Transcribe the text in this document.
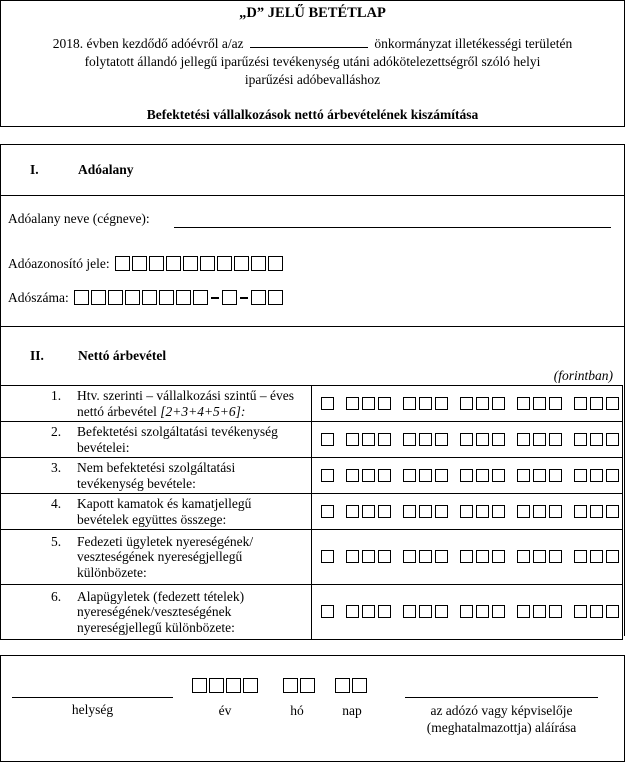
„D” JELŰ BETÉTLAP
2018. évben kezdődő adóévről a/az	önkormányzat illetékességi területén
folytatott állandó jellegű iparűzési tevékenység utáni adókötelezettségről szóló helyi
iparűzési adóbevalláshoz
Befektetési vállalkozások nettó árbevételének kiszámítása
I.	Adóalany
Adóalany neve (cégneve):
Adóazonosító jele:
Adószáma:
II.	Nettó árbevétel
(forintban)
1. Htv. szerinti – vállalkozási szintű – éves nettó árbevétel [2+3+4+5+6]:	

2. Befektetési szolgáltatási tevékenység bevételei:	

3. Nem befektetési szolgáltatási tevékenység bevétele:	

4. Kapott kamatok és kamatjellegű bevételek együttes összege:	

5. Fedezeti ügyletek nyereségének/ veszteségének nyereségjellegű különbözete:	

6. Alapügyletek (fedezett tételek) nyereségének/veszteségének nyereségjellegű különbözete:	

helység	év	hó	nap	az adózó vagy képviselője
(meghatalmazottja) aláírása
